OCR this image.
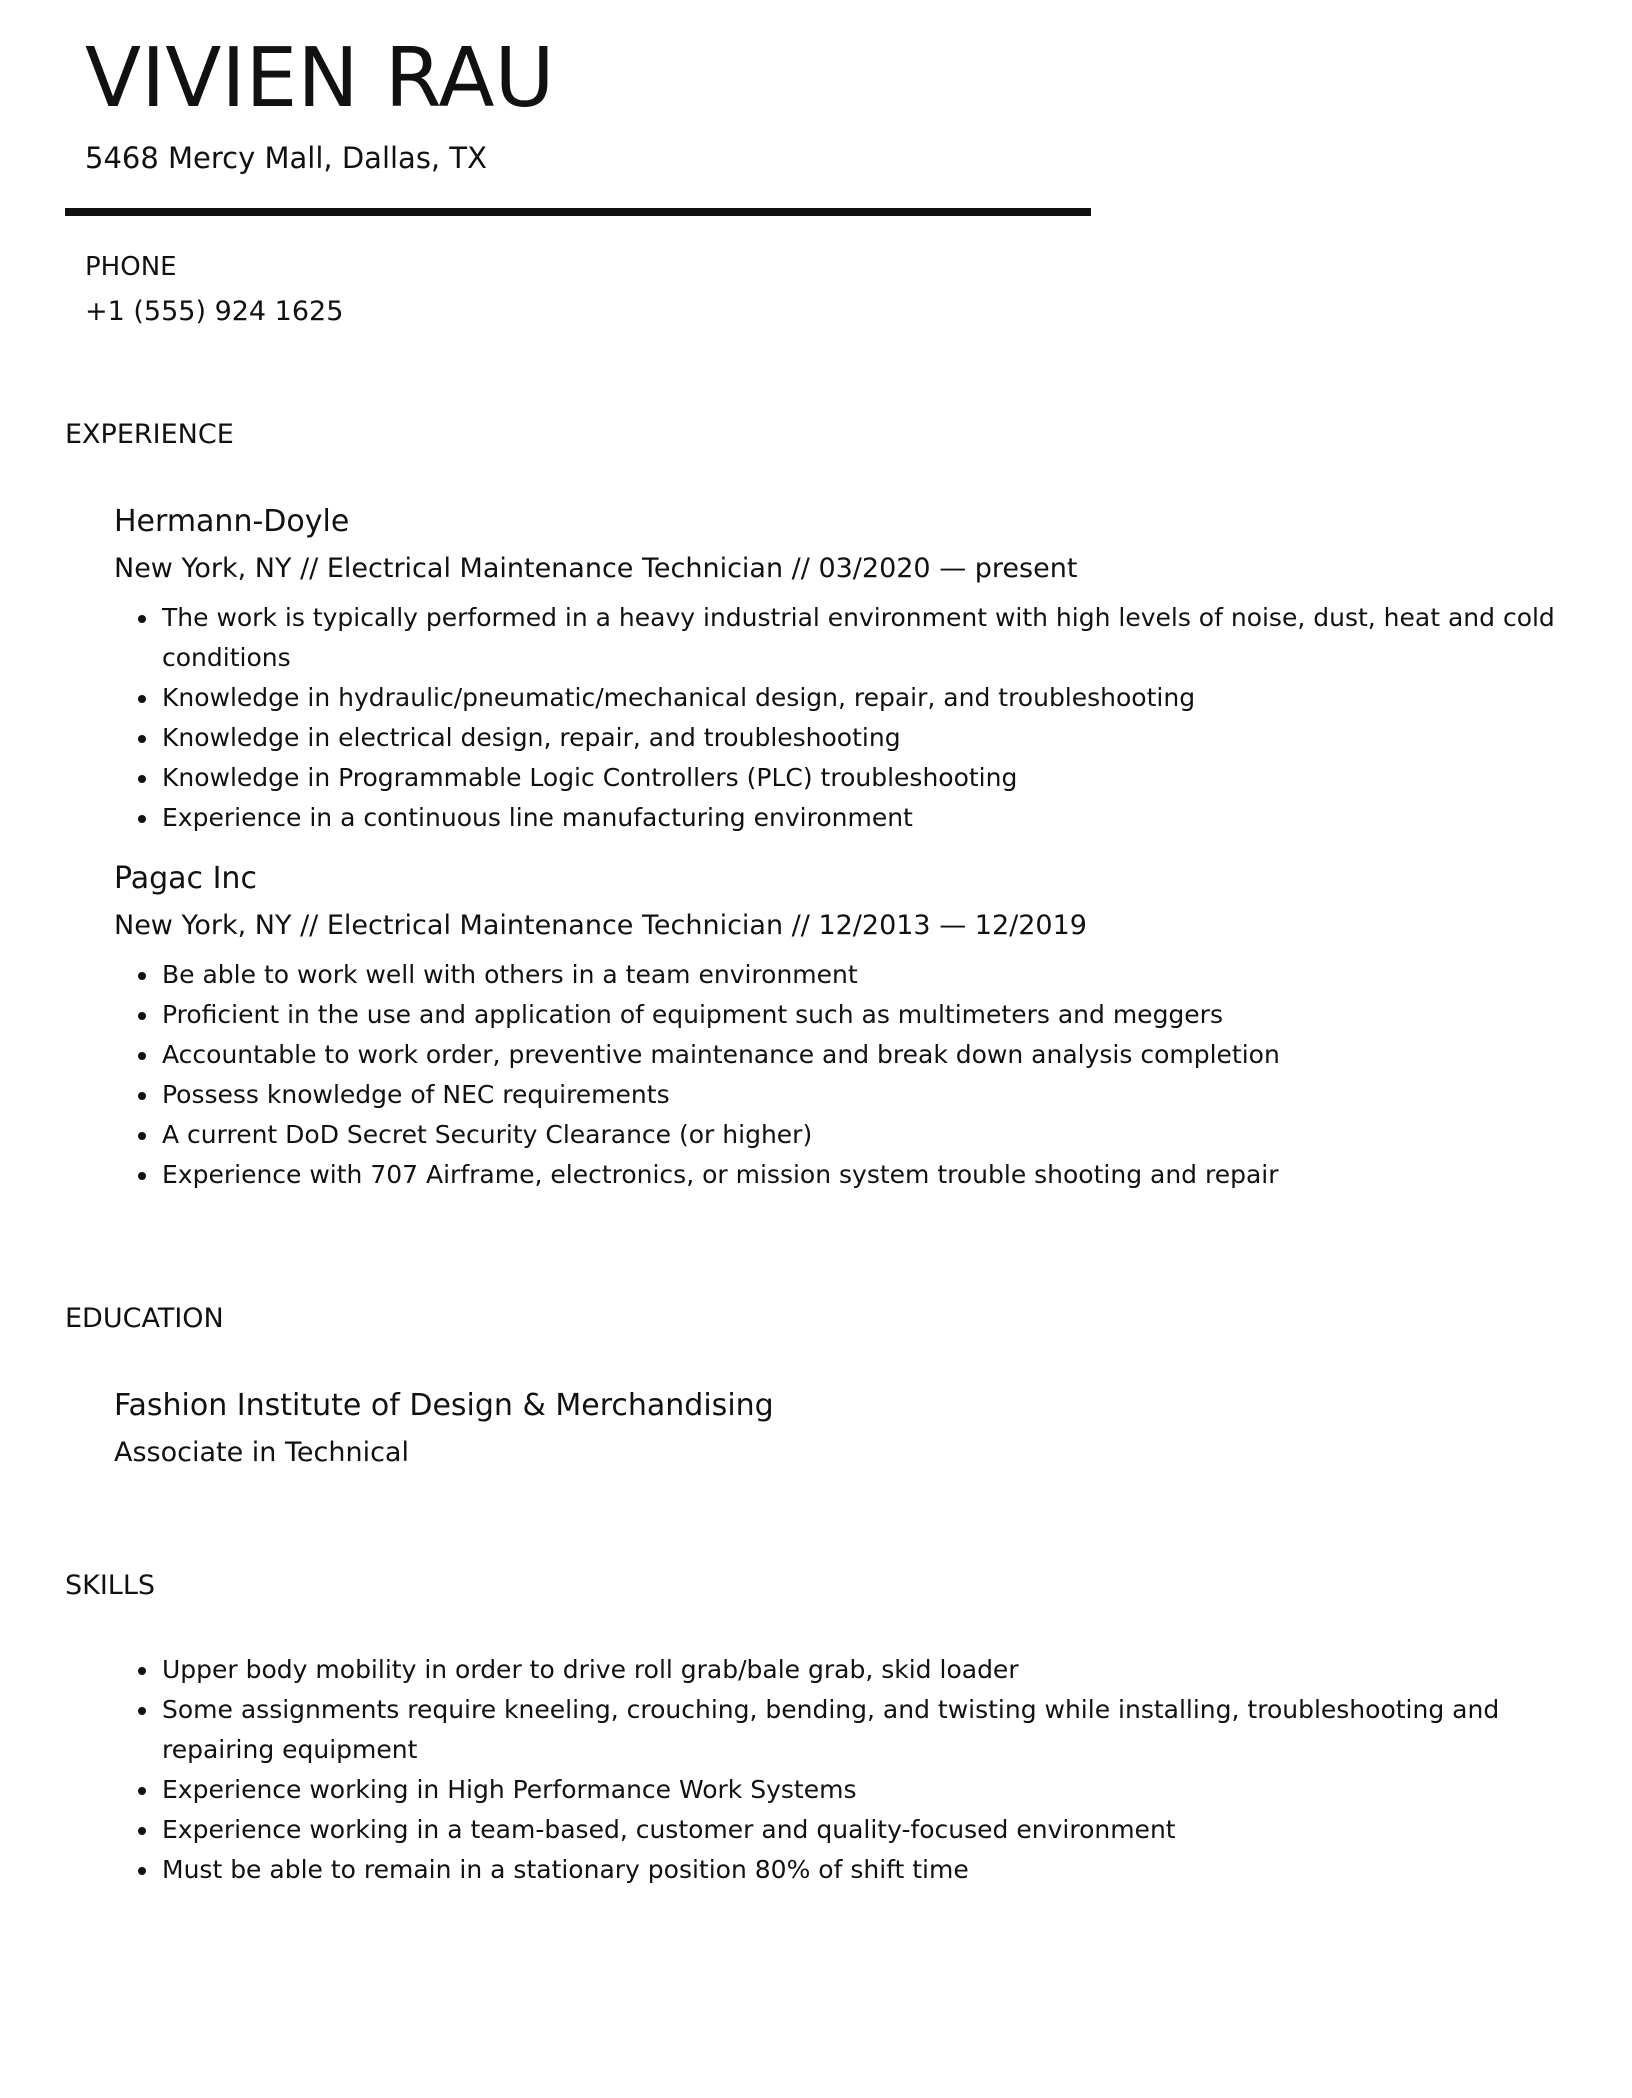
VIVIEN RAU
5468 Mercy Mall, Dallas, TX
PHONE
+1 (555) 924 1625
EXPERIENCE
Hermann-Doyle
New York, NY // Electrical Maintenance Technician // 03/2020 — present
The work is typically performed in a heavy industrial environment with high levels of noise, dust, heat and cold conditions
Knowledge in hydraulic/pneumatic/mechanical design, repair, and troubleshooting
Knowledge in electrical design, repair, and troubleshooting
Knowledge in Programmable Logic Controllers (PLC) troubleshooting
Experience in a continuous line manufacturing environment
Pagac Inc
New York, NY // Electrical Maintenance Technician // 12/2013 — 12/2019
Be able to work well with others in a team environment
Proficient in the use and application of equipment such as multimeters and meggers
Accountable to work order, preventive maintenance and break down analysis completion
Possess knowledge of NEC requirements
A current DoD Secret Security Clearance (or higher)
Experience with 707 Airframe, electronics, or mission system trouble shooting and repair
EDUCATION
Fashion Institute of Design & Merchandising
Associate in Technical
SKILLS
Upper body mobility in order to drive roll grab/bale grab, skid loader
Some assignments require kneeling, crouching, bending, and twisting while installing, troubleshooting and repairing equipment
Experience working in High Performance Work Systems
Experience working in a team-based, customer and quality-focused environment
Must be able to remain in a stationary position 80% of shift time
